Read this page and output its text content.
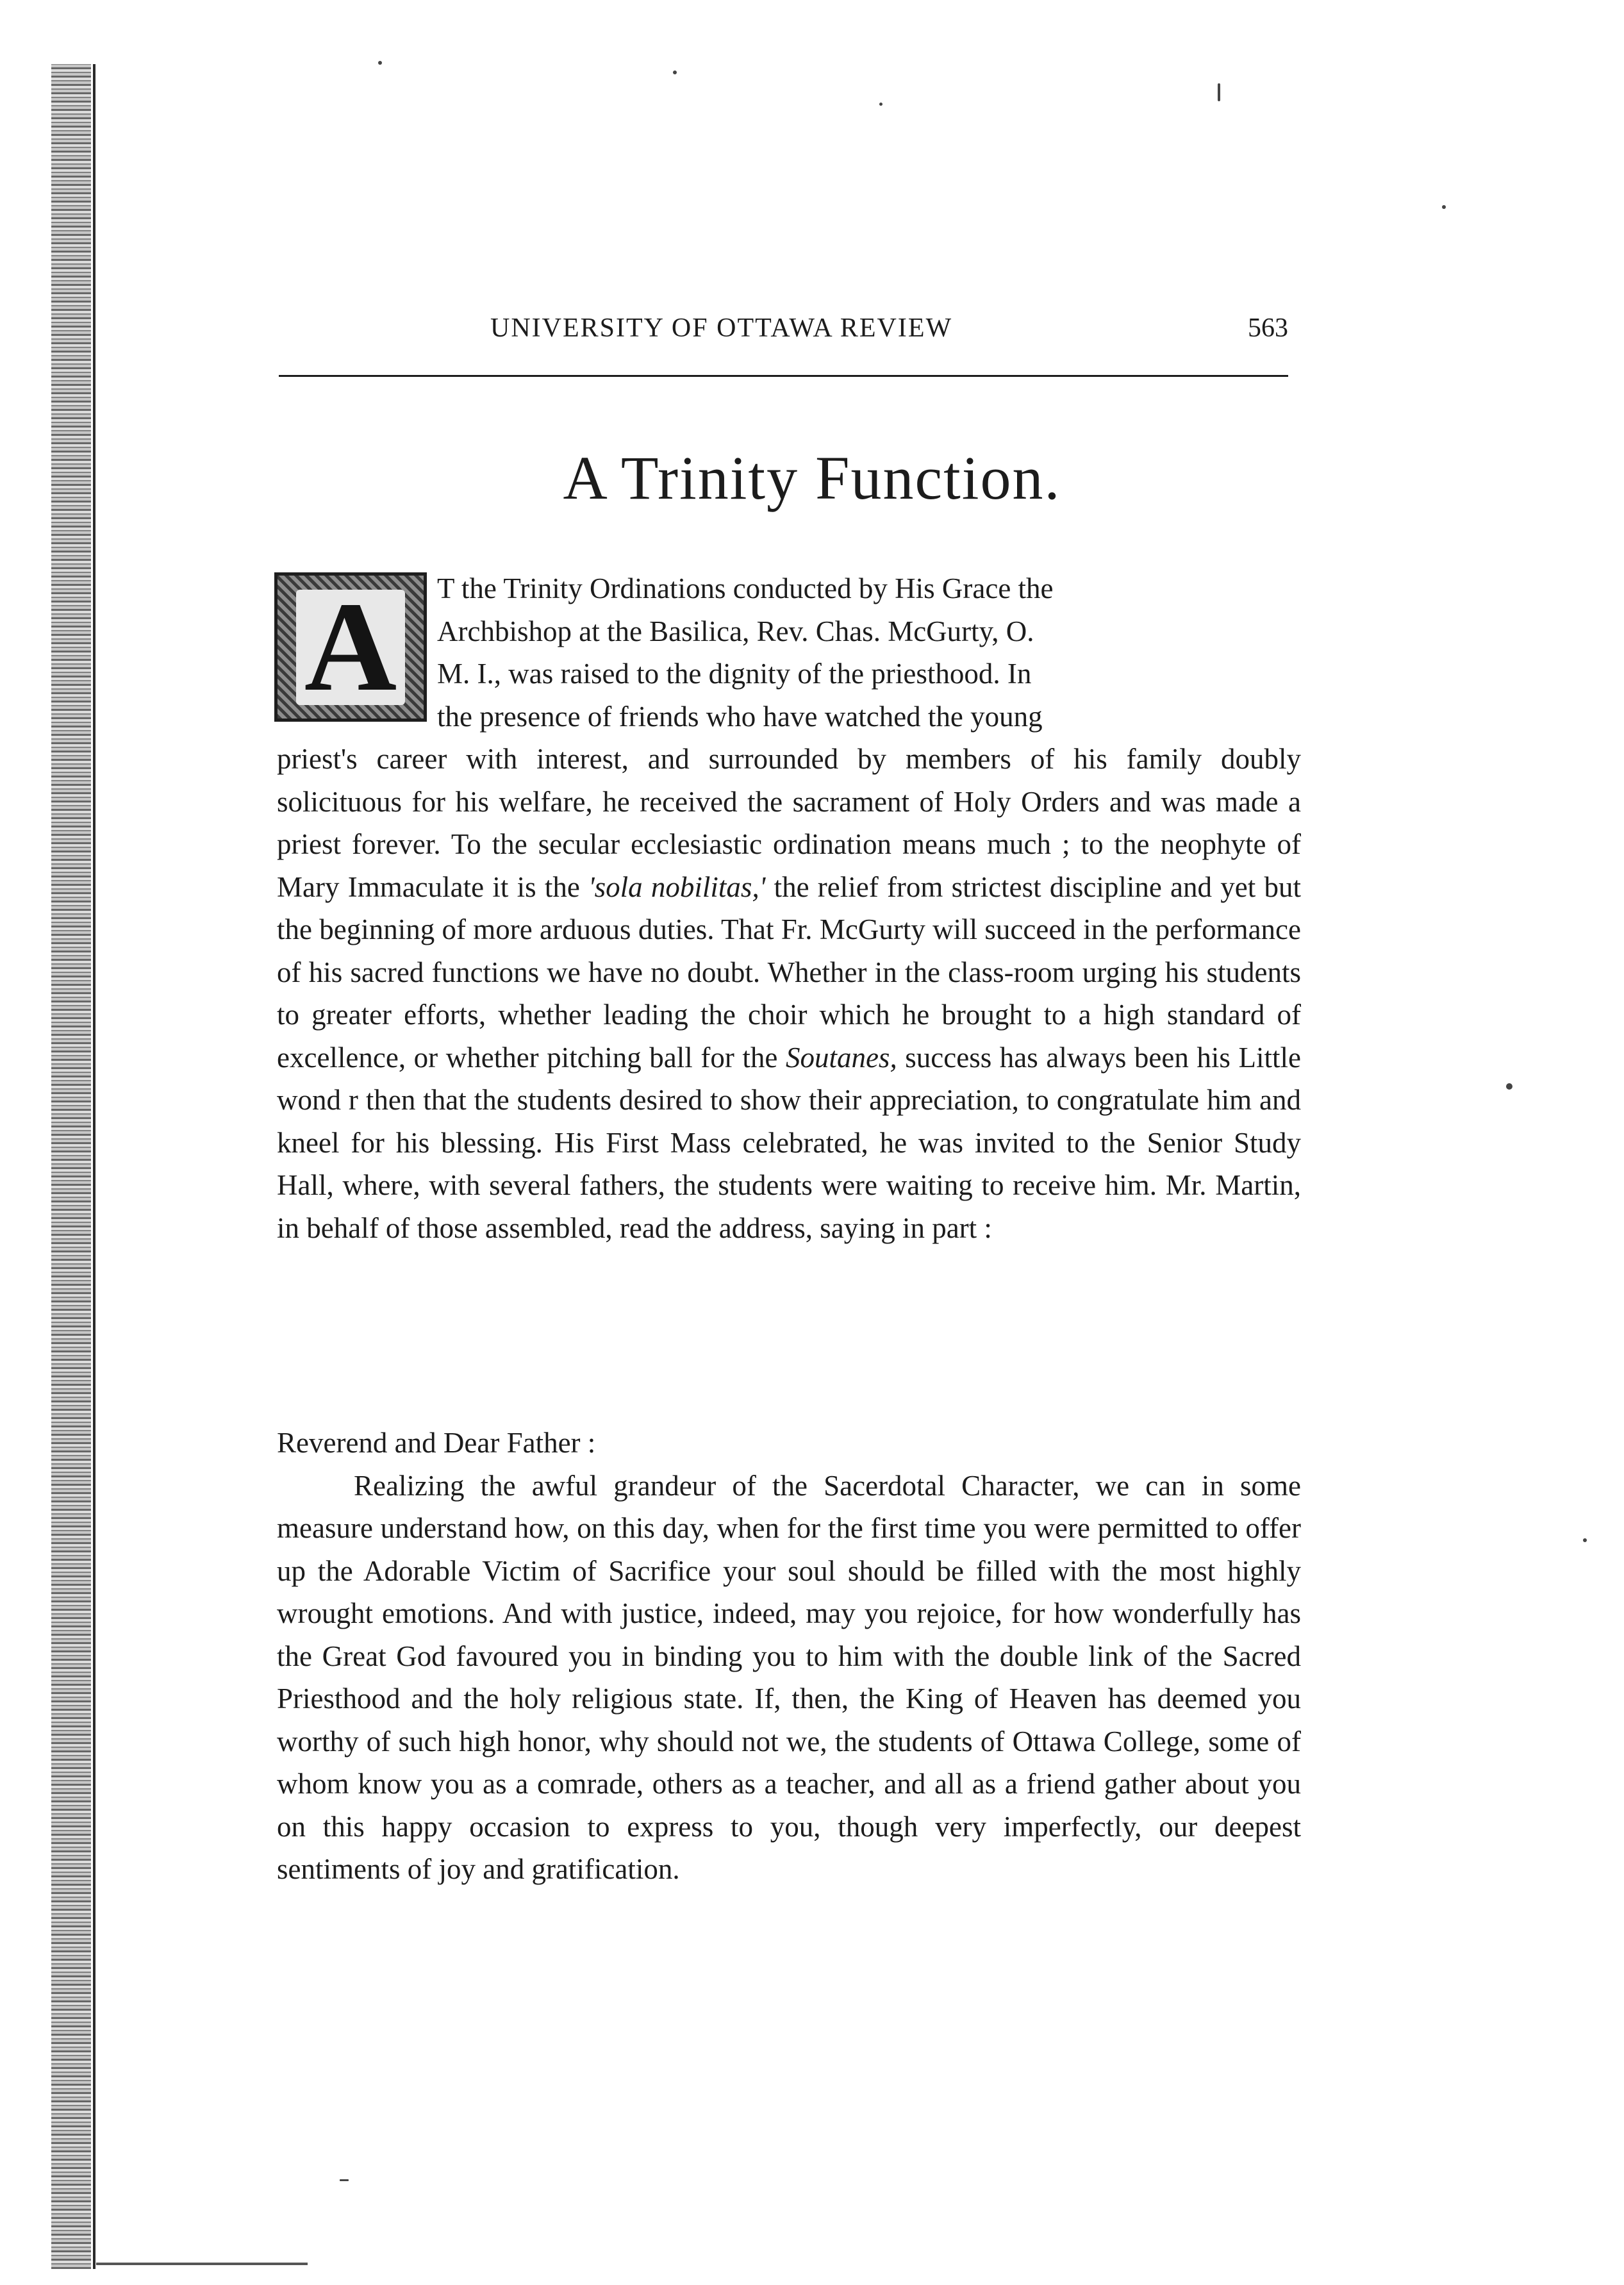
UNIVERSITY OF OTTAWA REVIEW	563
A Trinity Function.
A T the Trinity Ordinations conducted by His Grace the
Archbishop at the Basilica, Rev. Chas. McGurty, O.
M. I., was raised to the dignity of the priesthood. In
the presence of friends who have watched the young
priest's career with interest, and surrounded by members of his family doubly solicituous for his welfare, he received the sacrament of Holy Orders and was made a priest forever. To the secular ecclesiastic ordination means much ; to the neophyte of Mary Immaculate it is the 'sola nobilitas,' the relief from strictest discipline and yet but the beginning of more arduous duties. That Fr. McGurty will succeed in the performance of his sacred functions we have no doubt. Whether in the class-room urging his students to greater efforts, whether leading the choir which he brought to a high standard of excellence, or whether pitching ball for the Soutanes, success has always been his Little wond r then that the students desired to show their appreciation, to congratulate him and kneel for his blessing. His First Mass celebrated, he was invited to the Senior Study Hall, where, with several fathers, the students were waiting to receive him. Mr. Martin, in behalf of those assembled, read the address, saying in part :
Reverend and Dear Father :
Realizing the awful grandeur of the Sacerdotal Character, we can in some measure understand how, on this day, when for the first time you were permitted to offer up the Adorable Victim of Sacrifice your soul should be filled with the most highly wrought emotions. And with justice, indeed, may you rejoice, for how wonderfully has the Great God favoured you in binding you to him with the double link of the Sacred Priesthood and the holy religious state. If, then, the King of Heaven has deemed you worthy of such high honor, why should not we, the students of Ottawa College, some of whom know you as a comrade, others as a teacher, and all as a friend gather about you on this happy occasion to express to you, though very imperfectly, our deepest sentiments of joy and gratification.
